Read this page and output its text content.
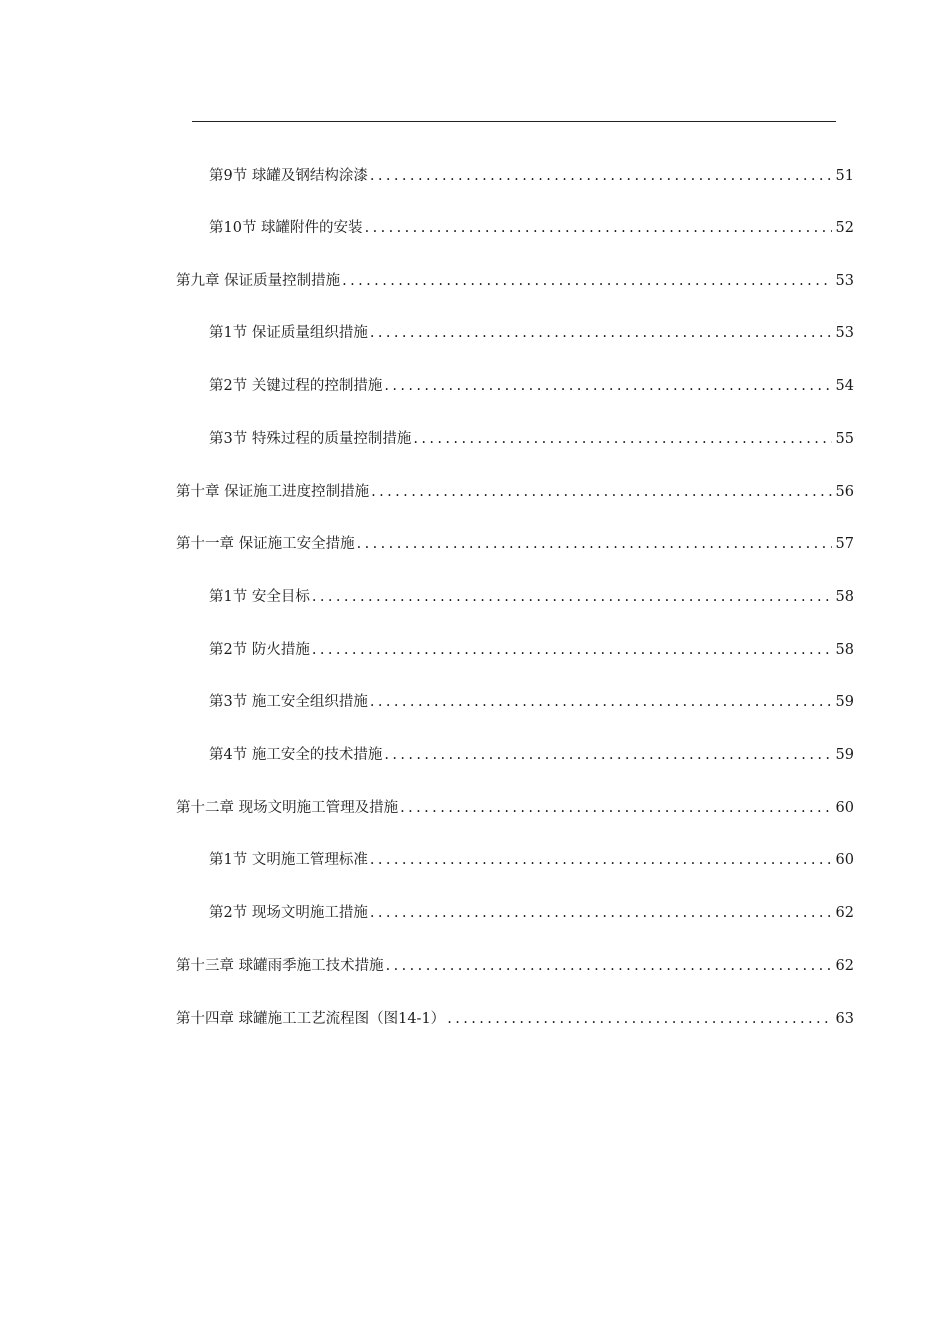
第9节 球罐及钢结构涂漆 . . .	51
第10节 球罐附件的安装 . . .	52
第九章 保证质量控制措施 . . .	53
第1节 保证质量组织措施 . . .	53
第2节 关键过程的控制措施 . . .	54
第3节 特殊过程的质量控制措施 . . .	55
第十章 保证施工进度控制措施 . . .	56
第十一章 保证施工安全措施 . . .	57
第1节 安全目标 . . .	58
第2节 防火措施 . . .	58
第3节 施工安全组织措施 . . .	59
第4节 施工安全的技术措施 . . .	59
第十二章 现场文明施工管理及措施 . . .	60
第1节 文明施工管理标准 . . .	60
第2节 现场文明施工措施 . . .	62
第十三章 球罐雨季施工技术措施 . . .	62
第十四章 球罐施工工艺流程图（图14-1） . . .	63
